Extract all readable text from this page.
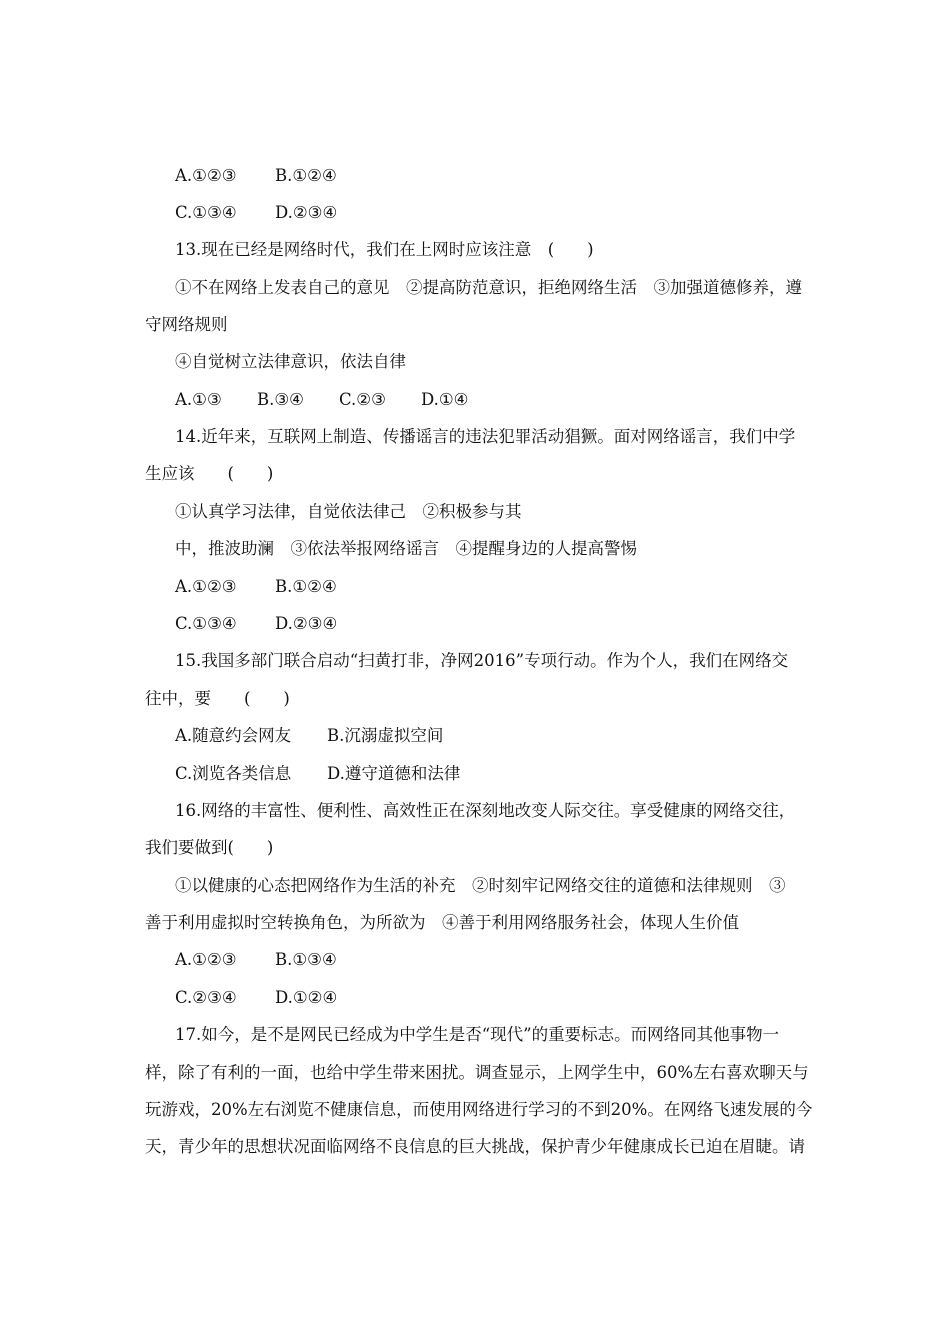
A.①②③ B.①②④
C.①③④ D.②③④
13.现在已经是网络时代，我们在上网时应该注意　(　　)
①不在网络上发表自己的意见　②提高防范意识，拒绝网络生活　③加强道德修养，遵
守网络规则
④自觉树立法律意识，依法自律
A.①③ B.③④ C.②③ D.①④
14.近年来，互联网上制造、传播谣言的违法犯罪活动猖獗。面对网络谣言，我们中学
生应该　　(　　)
①认真学习法律，自觉依法律己　②积极参与其
中，推波助澜　③依法举报网络谣言　④提醒身边的人提高警惕
A.①②③ B.①②④
C.①③④ D.②③④
15.我国多部门联合启动“扫黄打非，净网2016”专项行动。作为个人，我们在网络交
往中，要　　(　　)
A.随意约会网友 B.沉溺虚拟空间
C.浏览各类信息 D.遵守道德和法律
16.网络的丰富性、便利性、高效性正在深刻地改变人际交往。享受健康的网络交往，
我们要做到(　　)
①以健康的心态把网络作为生活的补充　②时刻牢记网络交往的道德和法律规则　③
善于利用虚拟时空转换角色，为所欲为　④善于利用网络服务社会，体现人生价值
A.①②③ B.①③④
C.②③④ D.①②④
17.如今，是不是网民已经成为中学生是否“现代”的重要标志。而网络同其他事物一
样，除了有利的一面，也给中学生带来困扰。调查显示，上网学生中，60%左右喜欢聊天与
玩游戏，20%左右浏览不健康信息，而使用网络进行学习的不到20%。在网络飞速发展的今
天，青少年的思想状况面临网络不良信息的巨大挑战，保护青少年健康成长已迫在眉睫。请
